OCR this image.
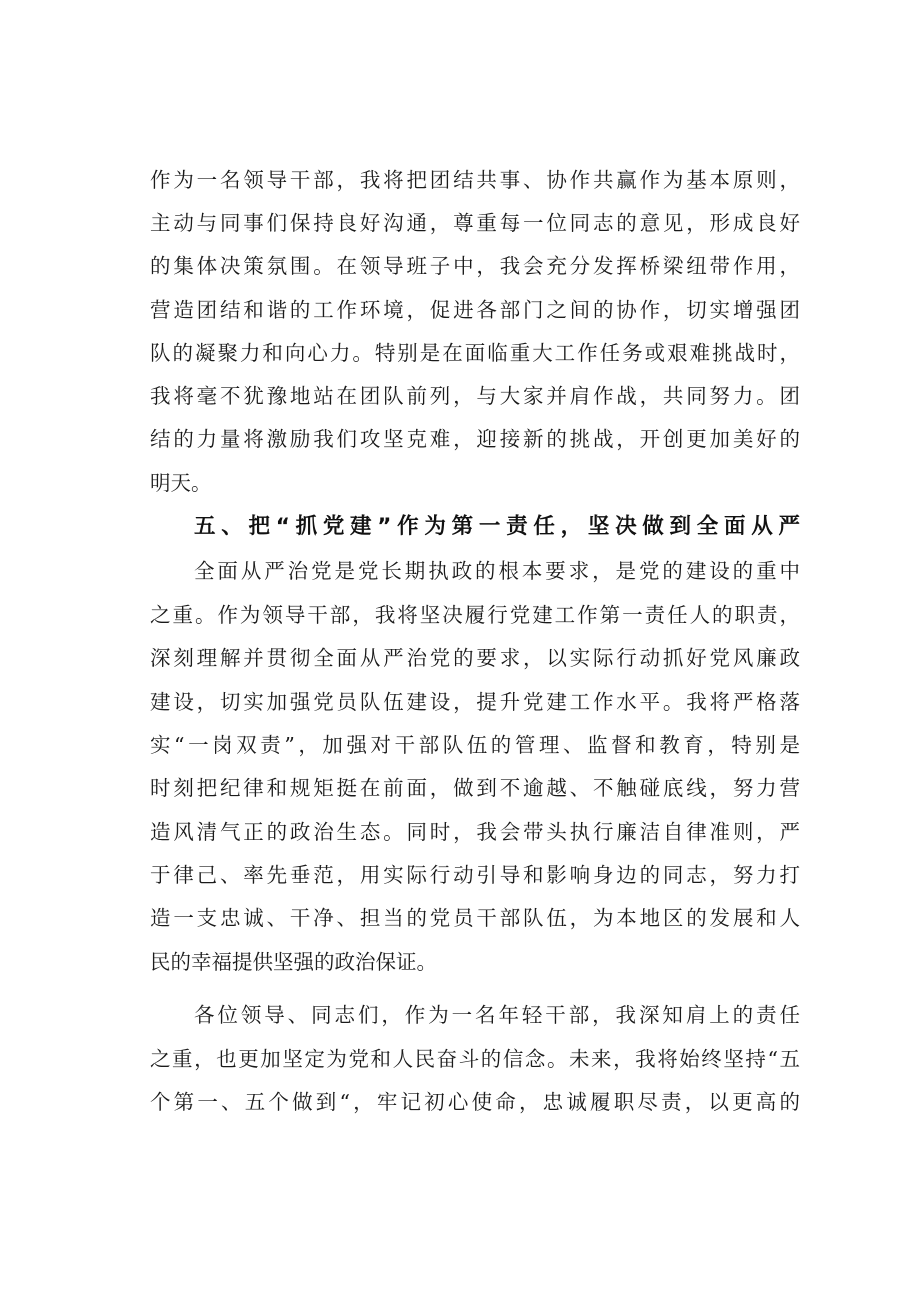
作为一名领导干部，我将把团结共事、协作共赢作为基本原则，

主动与同事们保持良好沟通，尊重每一位同志的意见，形成良好

的集体决策氛围。在领导班子中，我会充分发挥桥梁纽带作用，

营造团结和谐的工作环境，促进各部门之间的协作，切实增强团

队的凝聚力和向心力。特别是在面临重大工作任务或艰难挑战时，

我将毫不犹豫地站在团队前列，与大家并肩作战，共同努力。团

结的力量将激励我们攻坚克难，迎接新的挑战，开创更加美好的

明天。

五、把“抓党建”作为第一责任，坚决做到全面从严

全面从严治党是党长期执政的根本要求，是党的建设的重中

之重。作为领导干部，我将坚决履行党建工作第一责任人的职责，

深刻理解并贯彻全面从严治党的要求，以实际行动抓好党风廉政

建设，切实加强党员队伍建设，提升党建工作水平。我将严格落

实“一岗双责”，加强对干部队伍的管理、监督和教育，特别是

时刻把纪律和规矩挺在前面，做到不逾越、不触碰底线，努力营

造风清气正的政治生态。同时，我会带头执行廉洁自律准则，严

于律己、率先垂范，用实际行动引导和影响身边的同志，努力打

造一支忠诚、干净、担当的党员干部队伍，为本地区的发展和人

民的幸福提供坚强的政治保证。

各位领导、同志们，作为一名年轻干部，我深知肩上的责任

之重，也更加坚定为党和人民奋斗的信念。未来，我将始终坚持“五

个第一、五个做到“，牢记初心使命，忠诚履职尽责，以更高的
